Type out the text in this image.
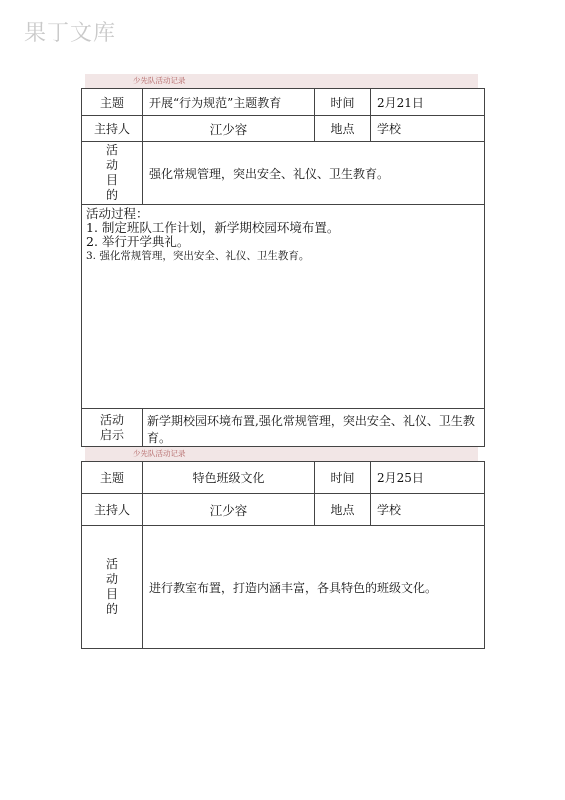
果丁文库
少先队活动记录
主题	开展“行为规范”主题教育	时间	2月21日
主持人	江少容	地点	学校

活
动
目
的	强化常规管理，突出安全、礼仪、卫生教育。		

活动过程：
1. 制定班队工作计划，新学期校园环境布置。
2. 举行开学典礼。
3. 强化常规管理，突出安全、礼仪、卫生教育。			

活动
启示	新学期校园环境布置,强化常规管理，突出安全、礼仪、卫生教育。		
少先队活动记录
主题	特色班级文化	时间	2月25日
主持人	江少容	地点	学校

活
动
目
的	进行教室布置，打造内涵丰富，各具特色的班级文化。		
